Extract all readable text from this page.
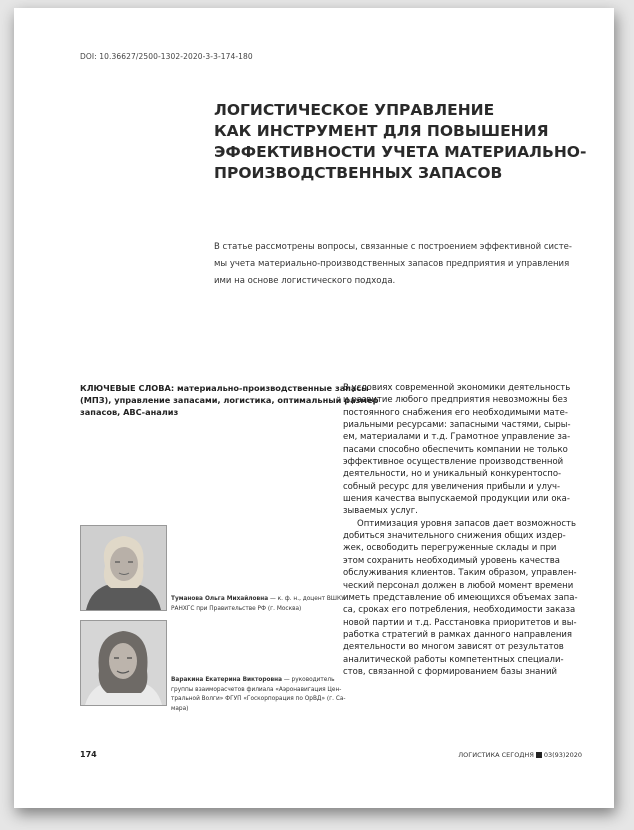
DOI: 10.36627/2500-1302-2020-3-3-174-180
ЛОГИСТИЧЕСКОЕ УПРАВЛЕНИЕ
КАК ИНСТРУМЕНТ ДЛЯ ПОВЫШЕНИЯ
ЭФФЕКТИВНОСТИ УЧЕТА МАТЕРИАЛЬНО-
ПРОИЗВОДСТВЕННЫХ ЗАПАСОВ

В статье рассмотрены вопросы, связанные с построением эффективной систе-
мы учета материально-производственных запасов предприятия и управления
ими на основе логистического подхода.

КЛЮЧЕВЫЕ СЛОВА: материально-производственные запасы
(МПЗ), управление запасами, логистика, оптимальный размер
запасов, АВС-анализ

Туманова Ольга Михайловна — к. ф. н., доцент ВШКУ
РАНХГС при Правительстве РФ (г. Москва)

Варакина Екатерина Викторовна — руководитель
группы взаиморасчетов филиала «Аэронавигация Цен-
тральной Волги» ФГУП «Госкорпорация по ОрВД» (г. Са-
мара)

В условиях современной экономики деятельность
и развитие любого предприятия невозможны без
постоянного снабжения его необходимыми мате-
риальными ресурсами: запасными частями, сыры-
ем, материалами и т.д. Грамотное управление за-
пасами способно обеспечить компании не только
эффективное осуществление производственной
деятельности, но и уникальный конкурентоспо-
собный ресурс для увеличения прибыли и улуч-
шения качества выпускаемой продукции или ока-
зываемых услуг.
Оптимизация уровня запасов дает возможность
добиться значительного снижения общих издер-
жек, освободить перегруженные склады и при
этом сохранить необходимый уровень качества
обслуживания клиентов. Таким образом, управлен-
ческий персонал должен в любой момент времени
иметь представление об имеющихся объемах запа-
са, сроках его потребления, необходимости заказа
новой партии и т.д. Расстановка приоритетов и вы-
работка стратегий в рамках данного направления
деятельности во многом зависят от результатов
аналитической работы компетентных специали-
стов, связанной с формированием базы знаний
174	ЛОГИСТИКА СЕГОДНЯ 03(93)2020
